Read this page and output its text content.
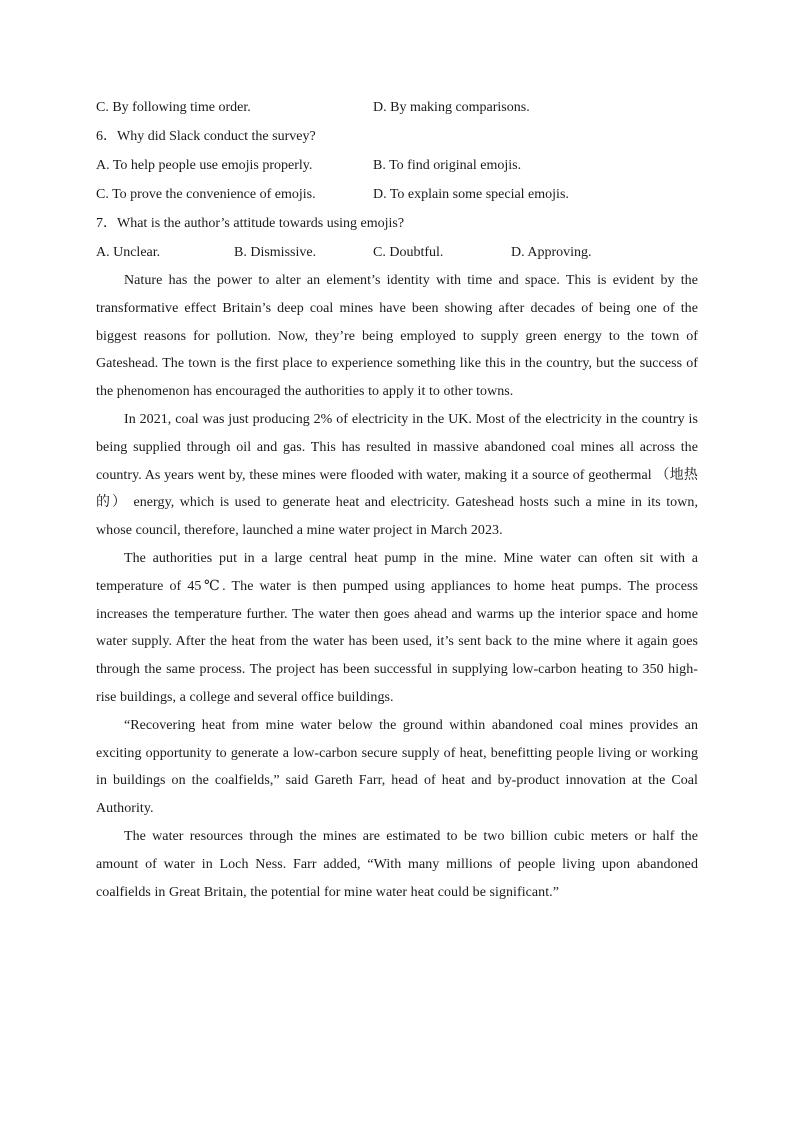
C. By following time order.	D. By making comparisons.
6．Why did Slack conduct the survey?
A. To help people use emojis properly.	B. To find original emojis.
C. To prove the convenience of emojis.	D. To explain some special emojis.
7．What is the author’s attitude towards using emojis?
A. Unclear.	B. Dismissive.	C. Doubtful.	D. Approving.

Nature has the power to alter an element’s identity with time and space. This is evident by the transformative effect Britain’s deep coal mines have been showing after decades of being one of the biggest reasons for pollution. Now, they’re being employed to supply green energy to the town of Gateshead. The town is the first place to experience something like this in the country, but the success of the phenomenon has encouraged the authorities to apply it to other towns.

In 2021, coal was just producing 2% of electricity in the UK. Most of the electricity in the country is being supplied through oil and gas. This has resulted in massive abandoned coal mines all across the country. As years went by, these mines were flooded with water, making it a source of geothermal （地热的） energy, which is used to generate heat and electricity. Gateshead hosts such a mine in its town, whose council, therefore, launched a mine water project in March 2023.

The authorities put in a large central heat pump in the mine. Mine water can often sit with a temperature of 45℃. The water is then pumped using appliances to home heat pumps. The process increases the temperature further. The water then goes ahead and warms up the interior space and home water supply. After the heat from the water has been used, it’s sent back to the mine where it again goes through the same process. The project has been successful in supplying low-carbon heating to 350 high-rise buildings, a college and several office buildings.

“Recovering heat from mine water below the ground within abandoned coal mines provides an exciting opportunity to generate a low-carbon secure supply of heat, benefitting people living or working in buildings on the coalfields,” said Gareth Farr, head of heat and by-product innovation at the Coal Authority.

The water resources through the mines are estimated to be two billion cubic meters or half the amount of water in Loch Ness. Farr added, “With many millions of people living upon abandoned coalfields in Great Britain, the potential for mine water heat could be significant.”
